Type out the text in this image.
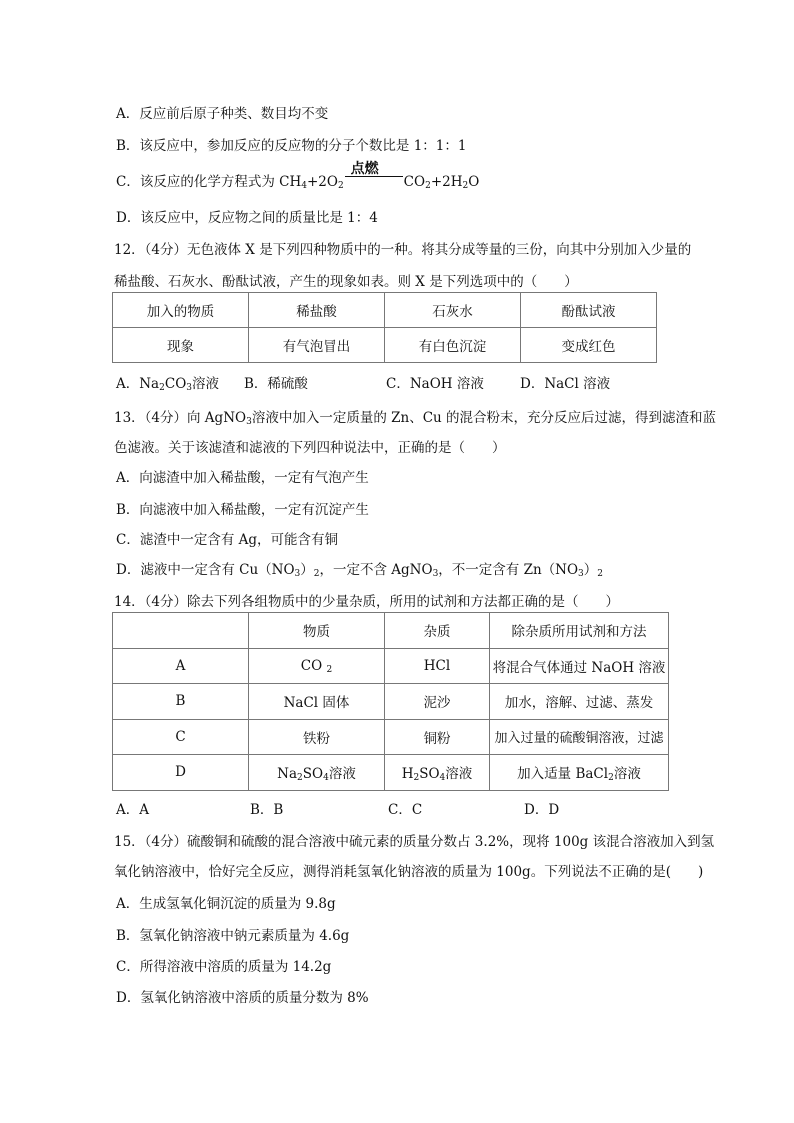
A．反应前后原子种类、数目均不变
B．该反应中，参加反应的反应物的分子个数比是 1：1：1
C．该反应的化学方程式为 $CH_4+2O_2$
点燃
$CO_2+2H_2O$
D．该反应中，反应物之间的质量比是 1：4
12．（4分）无色液体 X 是下列四种物质中的一种。将其分成等量的三份，向其中分别加入少量的
稀盐酸、石灰水、酚酞试液，产生的现象如表。则 X 是下列选项中的（　　）
加入的物质	稀盐酸	石灰水	酚酞试液
现象	有气泡冒出	有白色沉淀	变成红色
A．$Na_2CO_3$溶液 B．稀硫酸	C．NaOH 溶液	D．NaCl 溶液
13．（4分）向 AgNO$_3$溶液中加入一定质量的 Zn、Cu 的混合粉末，充分反应后过滤，得到滤渣和蓝
色滤液。关于该滤渣和滤液的下列四种说法中，正确的是（　　）
A．向滤渣中加入稀盐酸，一定有气泡产生
B．向滤液中加入稀盐酸，一定有沉淀产生
C．滤渣中一定含有 Ag，可能含有铜
D．滤液中一定含有 $Cu(NO_3)_2$，一定不含 AgNO$_3$，不一定含有 $Zn(NO_3)_2$
14．（4分）除去下列各组物质中的少量杂质，所用的试剂和方法都正确的是（　　）
	物质	杂质	除杂质所用试剂和方法
A	CO $_2$	HCl	将混合气体通过 NaOH 溶液
B	NaCl 固体	泥沙	加水，溶解、过滤、蒸发
C	铁粉	铜粉	加入过量的硫酸铜溶液，过滤
D	$Na_2SO_4$溶液	$H_2SO_4$溶液	加入适量 BaCl$_2$溶液
A．A	B．B	C．C	D．D
15．（4分）硫酸铜和硫酸的混合溶液中硫元素的质量分数占 3.2%，现将 100g 该混合溶液加入到氢
氧化钠溶液中，恰好完全反应，测得消耗氢氧化钠溶液的质量为 100g。下列说法不正确的是(　　)
A．生成氢氧化铜沉淀的质量为 9.8g
B．氢氧化钠溶液中钠元素质量为 4.6g
C．所得溶液中溶质的质量为 14.2g
D．氢氧化钠溶液中溶质的质量分数为 8%
